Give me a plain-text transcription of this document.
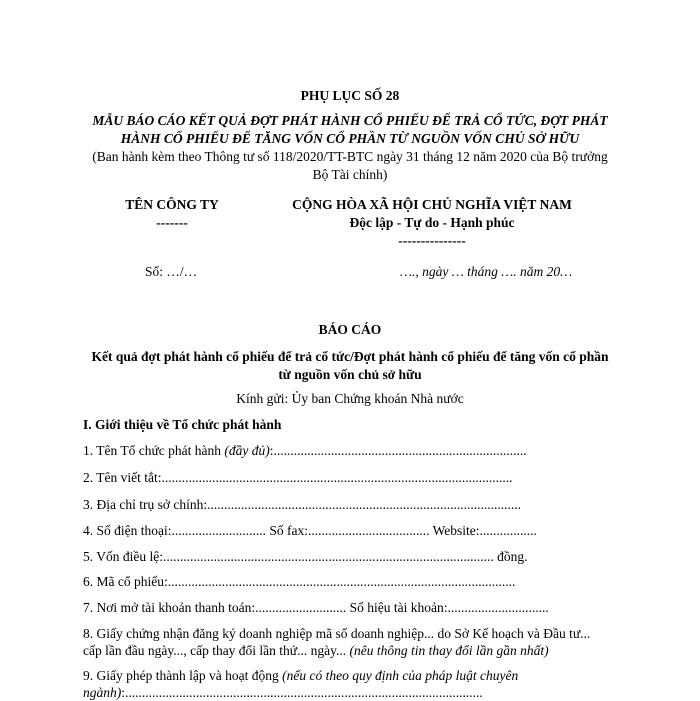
PHỤ LỤC SỐ 28
MẪU BÁO CÁO KẾT QUẢ ĐỢT PHÁT HÀNH CỔ PHIẾU ĐỂ TRẢ CỔ TỨC, ĐỢT PHÁT
HÀNH CỔ PHIẾU ĐỂ TĂNG VỐN CỔ PHẦN TỪ NGUỒN VỐN CHỦ SỞ HỮU
(Ban hành kèm theo Thông tư số 118/2020/TT-BTC ngày 31 tháng 12 năm 2020 của Bộ trưởng
Bộ Tài chính)
TÊN CÔNG TY
-------
CỘNG HÒA XÃ HỘI CHỦ NGHĨA VIỆT NAM
Độc lập - Tự do - Hạnh phúc
---------------
Số: …/…	…., ngày … tháng …. năm 20…
BÁO CÁO
Kết quả đợt phát hành cổ phiếu để trả cổ tức/Đợt phát hành cổ phiếu để tăng vốn cổ phần
từ nguồn vốn chủ sở hữu
Kính gửi: Ủy ban Chứng khoán Nhà nước
I. Giới thiệu về Tổ chức phát hành
1. Tên Tổ chức phát hành (đầy đủ):...........................................................................
2. Tên viết tắt:........................................................................................................
3. Địa chỉ trụ sở chính:.............................................................................................
4. Số điện thoại:............................ Số fax:.................................... Website:.................
5. Vốn điều lệ:.................................................................................................. đồng.
6. Mã cổ phiếu:.......................................................................................................
7. Nơi mở tài khoản thanh toán:........................... Số hiệu tài khoản:..............................
8. Giấy chứng nhận đăng ký doanh nghiệp mã số doanh nghiệp... do Sở Kế hoạch và Đầu tư...
cấp lần đầu ngày..., cấp thay đổi lần thứ... ngày... (nêu thông tin thay đổi lần gần nhất)
9. Giấy phép thành lập và hoạt động (nếu có theo quy định của pháp luật chuyên
ngành):..........................................................................................................
